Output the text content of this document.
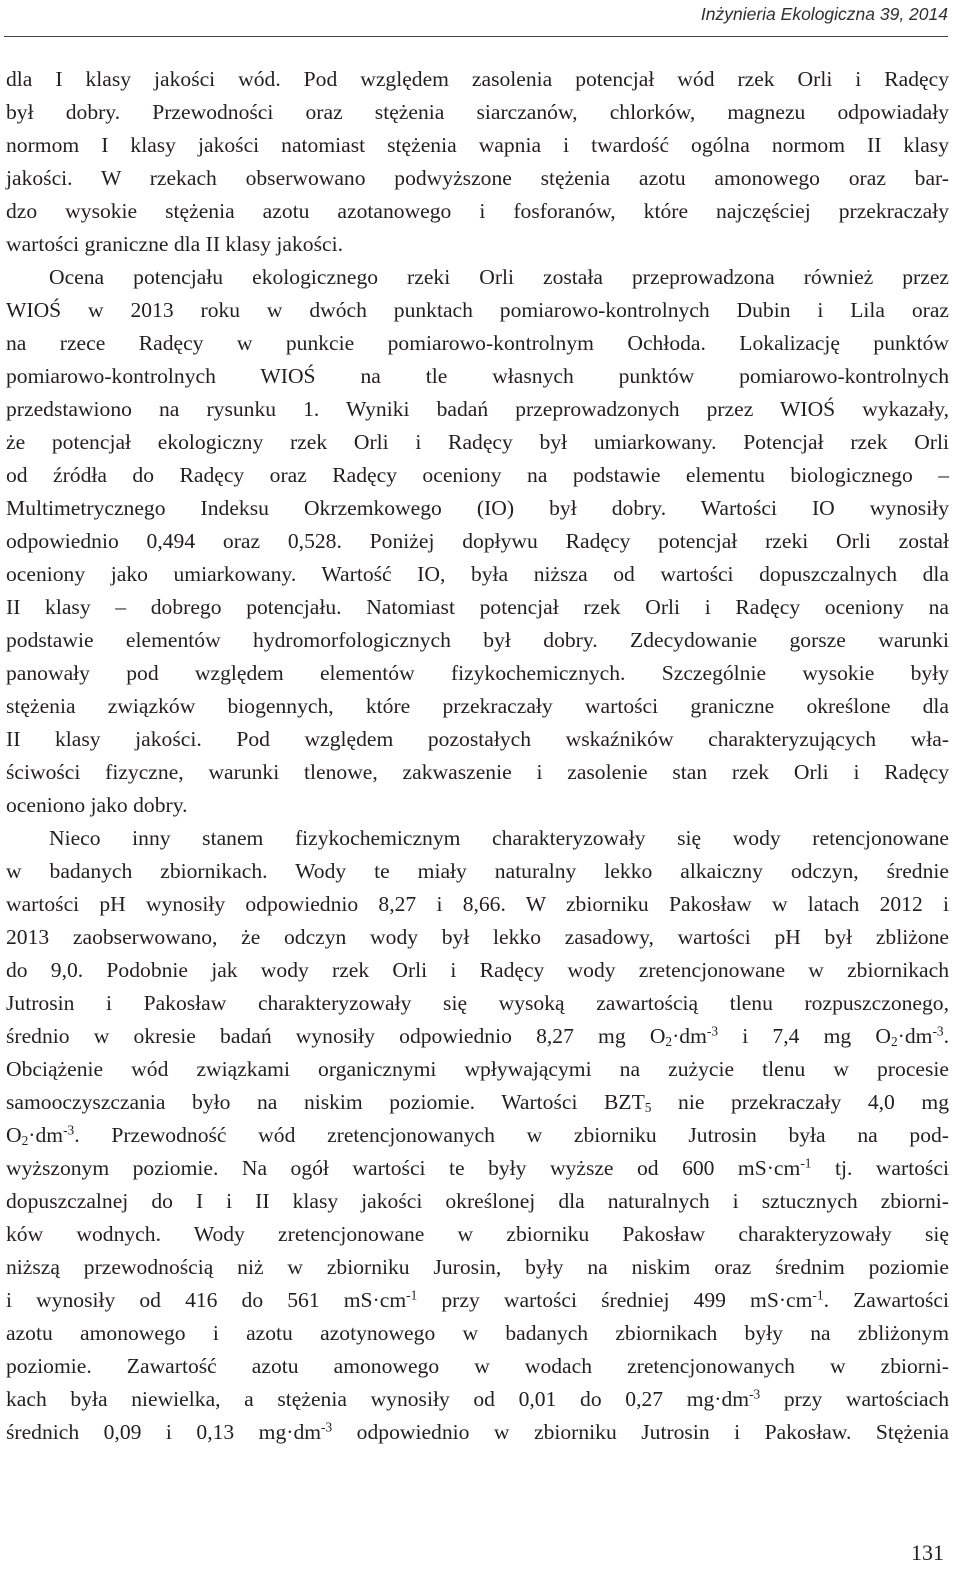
Inżynieria Ekologiczna 39, 2014
dla I klasy jakości wód. Pod względem zasolenia potencjał wód rzek Orli i Radęcy
był dobry. Przewodności oraz stężenia siarczanów, chlorków, magnezu odpowiadały
normom I klasy jakości natomiast stężenia wapnia i twardość ogólna normom II klasy
jakości. W rzekach obserwowano podwyższone stężenia azotu amonowego oraz bar-
dzo wysokie stężenia azotu azotanowego i fosforanów, które najczęściej przekraczały
wartości graniczne dla II klasy jakości.
Ocena potencjału ekologicznego rzeki Orli została przeprowadzona również przez
WIOŚ w 2013 roku w dwóch punktach pomiarowo-kontrolnych Dubin i Lila oraz
na rzece Radęcy w punkcie pomiarowo-kontrolnym Ochłoda. Lokalizację punktów
pomiarowo-kontrolnych WIOŚ na tle własnych punktów pomiarowo-kontrolnych
przedstawiono na rysunku 1. Wyniki badań przeprowadzonych przez WIOŚ wykazały,
że potencjał ekologiczny rzek Orli i Radęcy był umiarkowany. Potencjał rzek Orli
od źródła do Radęcy oraz Radęcy oceniony na podstawie elementu biologicznego –
Multimetrycznego Indeksu Okrzemkowego (IO) był dobry. Wartości IO wynosiły
odpowiednio 0,494 oraz 0,528. Poniżej dopływu Radęcy potencjał rzeki Orli został
oceniony jako umiarkowany. Wartość IO, była niższa od wartości dopuszczalnych dla
II klasy – dobrego potencjału. Natomiast potencjał rzek Orli i Radęcy oceniony na
podstawie elementów hydromorfologicznych był dobry. Zdecydowanie gorsze warunki
panowały pod względem elementów fizykochemicznych. Szczególnie wysokie były
stężenia związków biogennych, które przekraczały wartości graniczne określone dla
II klasy jakości. Pod względem pozostałych wskaźników charakteryzujących wła-
ściwości fizyczne, warunki tlenowe, zakwaszenie i zasolenie stan rzek Orli i Radęcy
oceniono jako dobry.
Nieco inny stanem fizykochemicznym charakteryzowały się wody retencjonowane
w badanych zbiornikach. Wody te miały naturalny lekko alkaiczny odczyn, średnie
wartości pH wynosiły odpowiednio 8,27 i 8,66. W zbiorniku Pakosław w latach 2012 i
2013 zaobserwowano, że odczyn wody był lekko zasadowy, wartości pH był zbliżone
do 9,0. Podobnie jak wody rzek Orli i Radęcy wody zretencjonowane w zbiornikach
Jutrosin i Pakosław charakteryzowały się wysoką zawartością tlenu rozpuszczonego,
średnio w okresie badań wynosiły odpowiednio 8,27 mg $O_2\cdot dm^{-3}$ i 7,4 mg $O_2\cdot dm^{-3}$.
Obciążenie wód związkami organicznymi wpływającymi na zużycie tlenu w procesie
samooczyszczania było na niskim poziomie. Wartości $BZT_5$ nie przekraczały 4,0 mg
$O_2\cdot dm^{-3}$. Przewodność wód zretencjonowanych w zbiorniku Jutrosin była na pod-
wyższonym poziomie. Na ogół wartości te były wyższe od 600 $mS\cdot cm^{-1}$ tj. wartości
dopuszczalnej do I i II klasy jakości określonej dla naturalnych i sztucznych zbiorni-
ków wodnych. Wody zretencjonowane w zbiorniku Pakosław charakteryzowały się
niższą przewodnością niż w zbiorniku Jurosin, były na niskim oraz średnim poziomie
i wynosiły od 416 do 561 $mS\cdot cm^{-1}$ przy wartości średniej 499 $mS\cdot cm^{-1}$. Zawartości
azotu amonowego i azotu azotynowego w badanych zbiornikach były na zbliżonym
poziomie. Zawartość azotu amonowego w wodach zretencjonowanych w zbiorni-
kach była niewielka, a stężenia wynosiły od 0,01 do 0,27 $mg\cdot dm^{-3}$ przy wartościach
średnich 0,09 i 0,13 $mg\cdot dm^{-3}$ odpowiednio w zbiorniku Jutrosin i Pakosław. Stężenia
131
